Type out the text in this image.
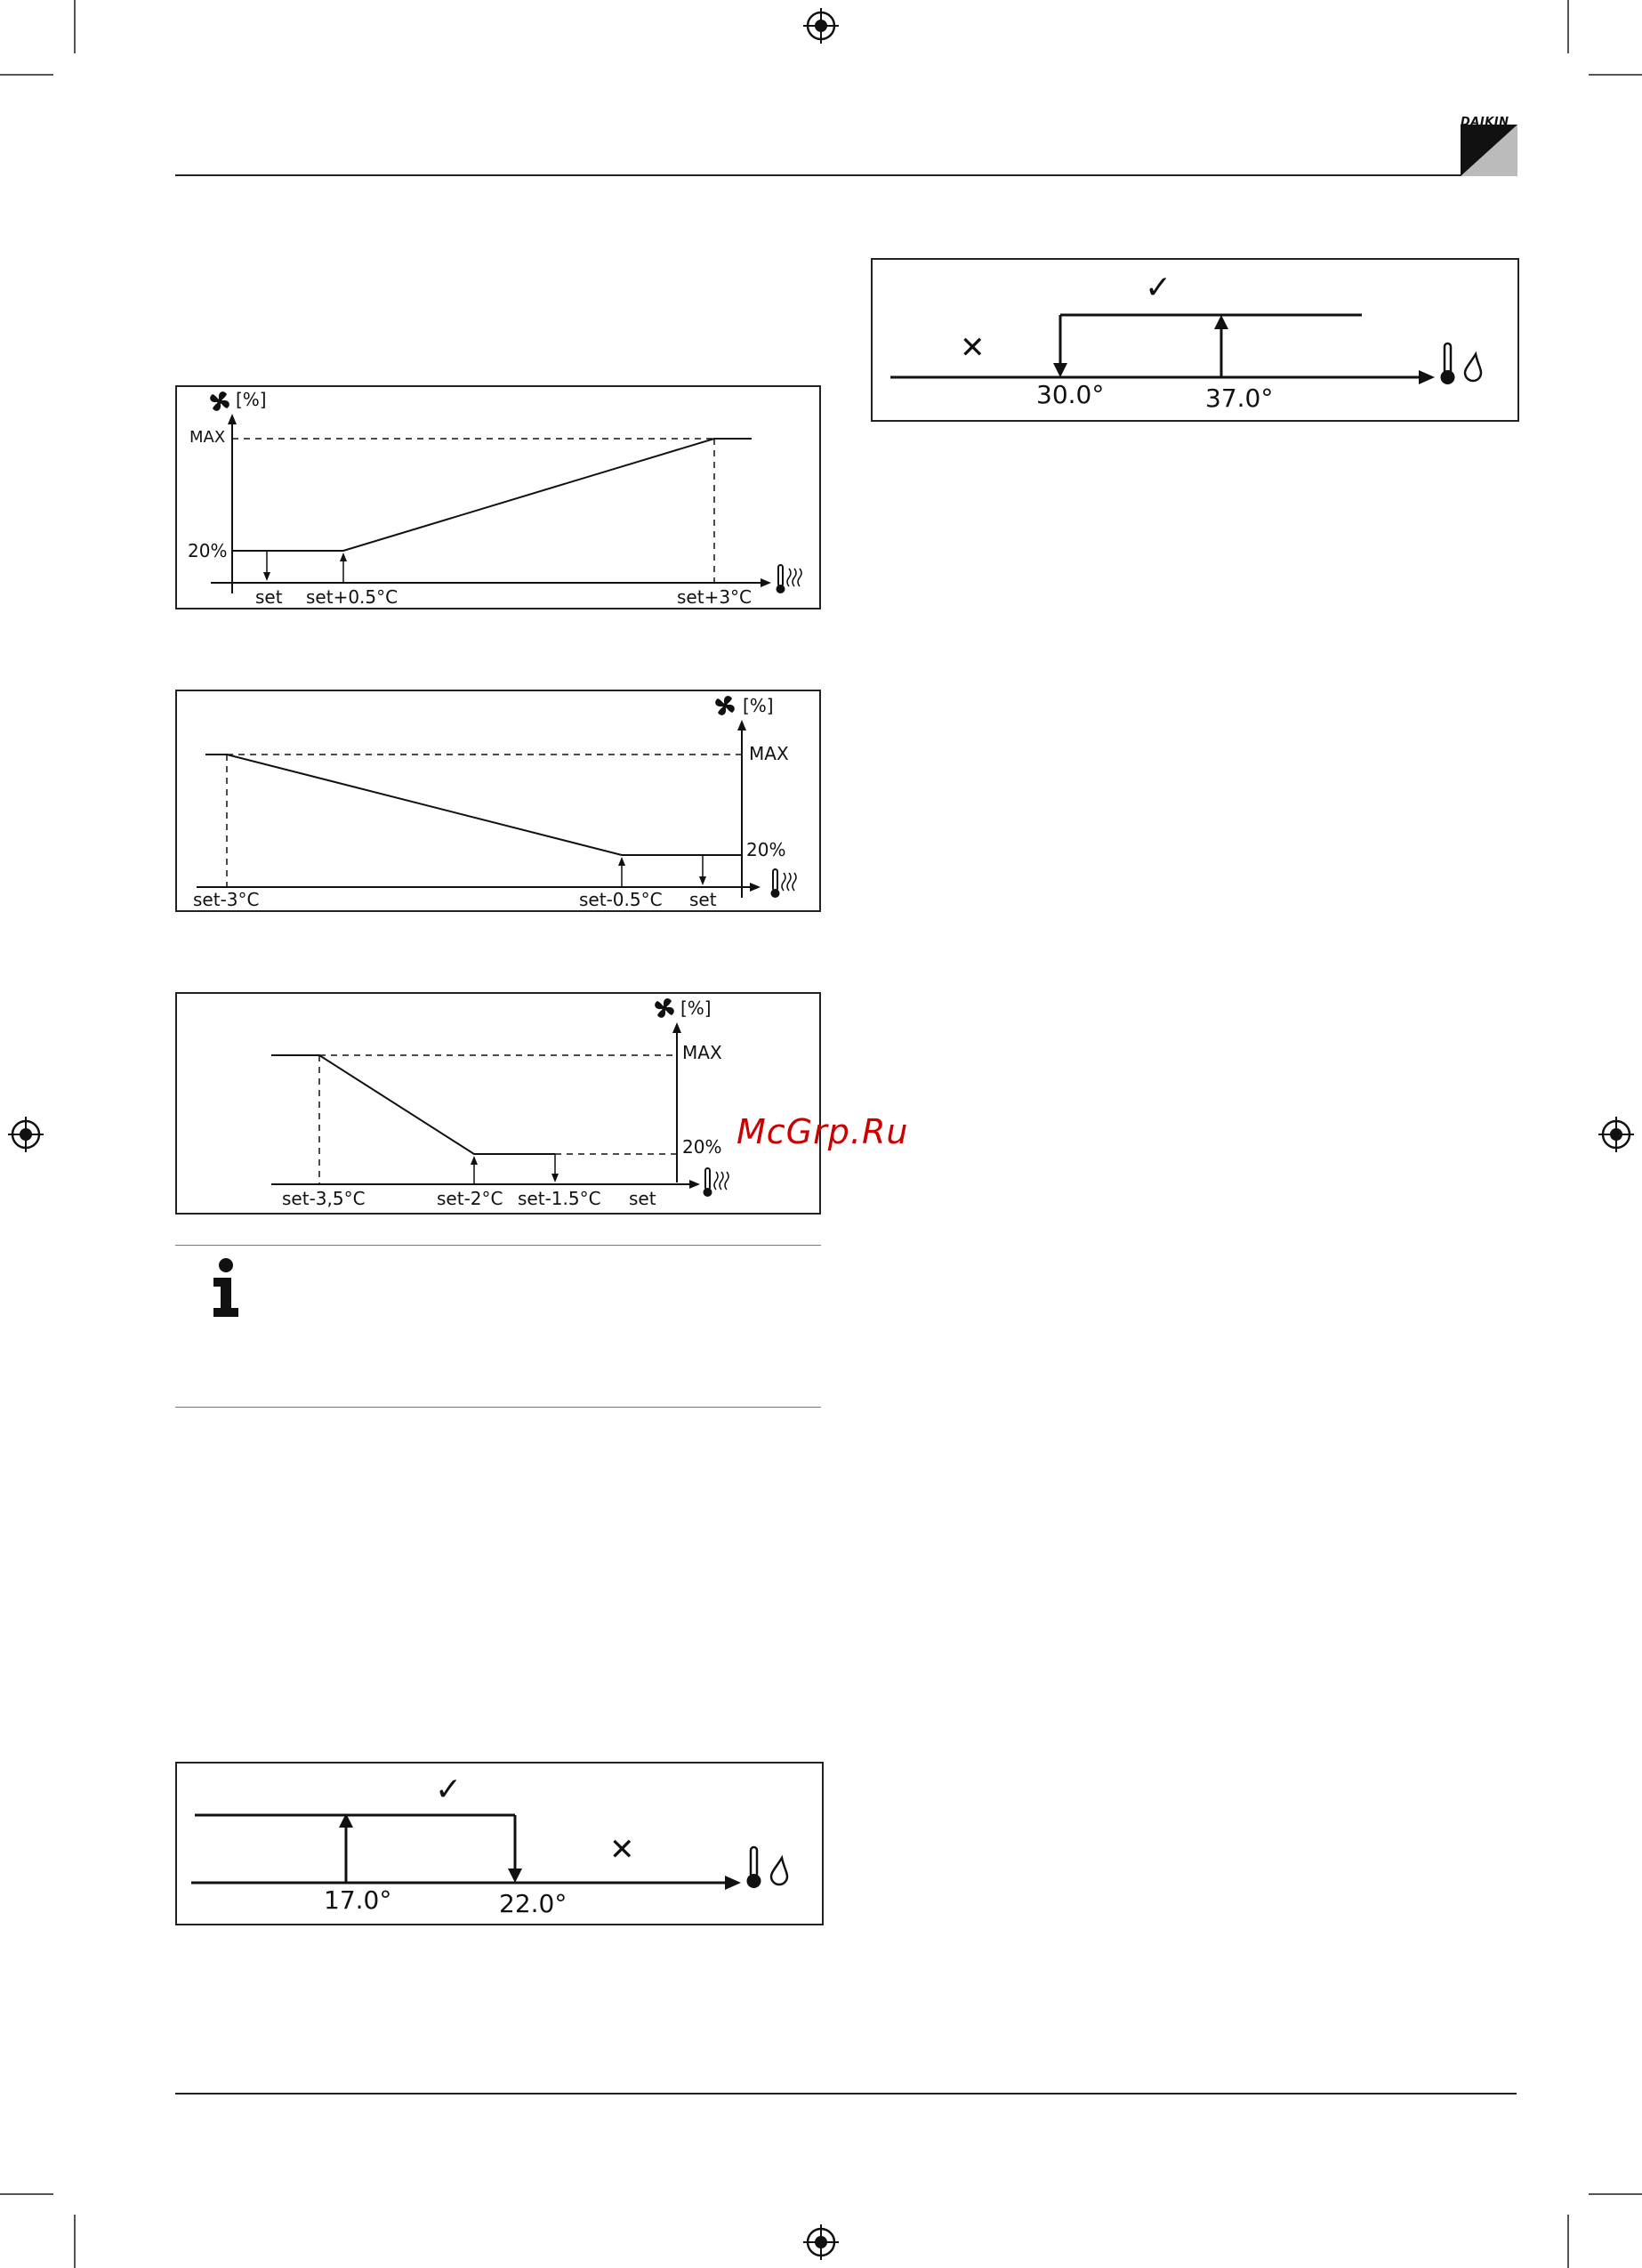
DAIKIN
[%]
MAX
20%
set set+0.5°C	set+3°C
[%]
MAX
20%
set-3°C	set-0.5°C set
[%]
MAX
20%
set-3,5°C	set-2°C set-1.5°C set
McGrp.Ru
✓
✕
17.0°	22.0°
✓
✕
30.0°	37.0°
